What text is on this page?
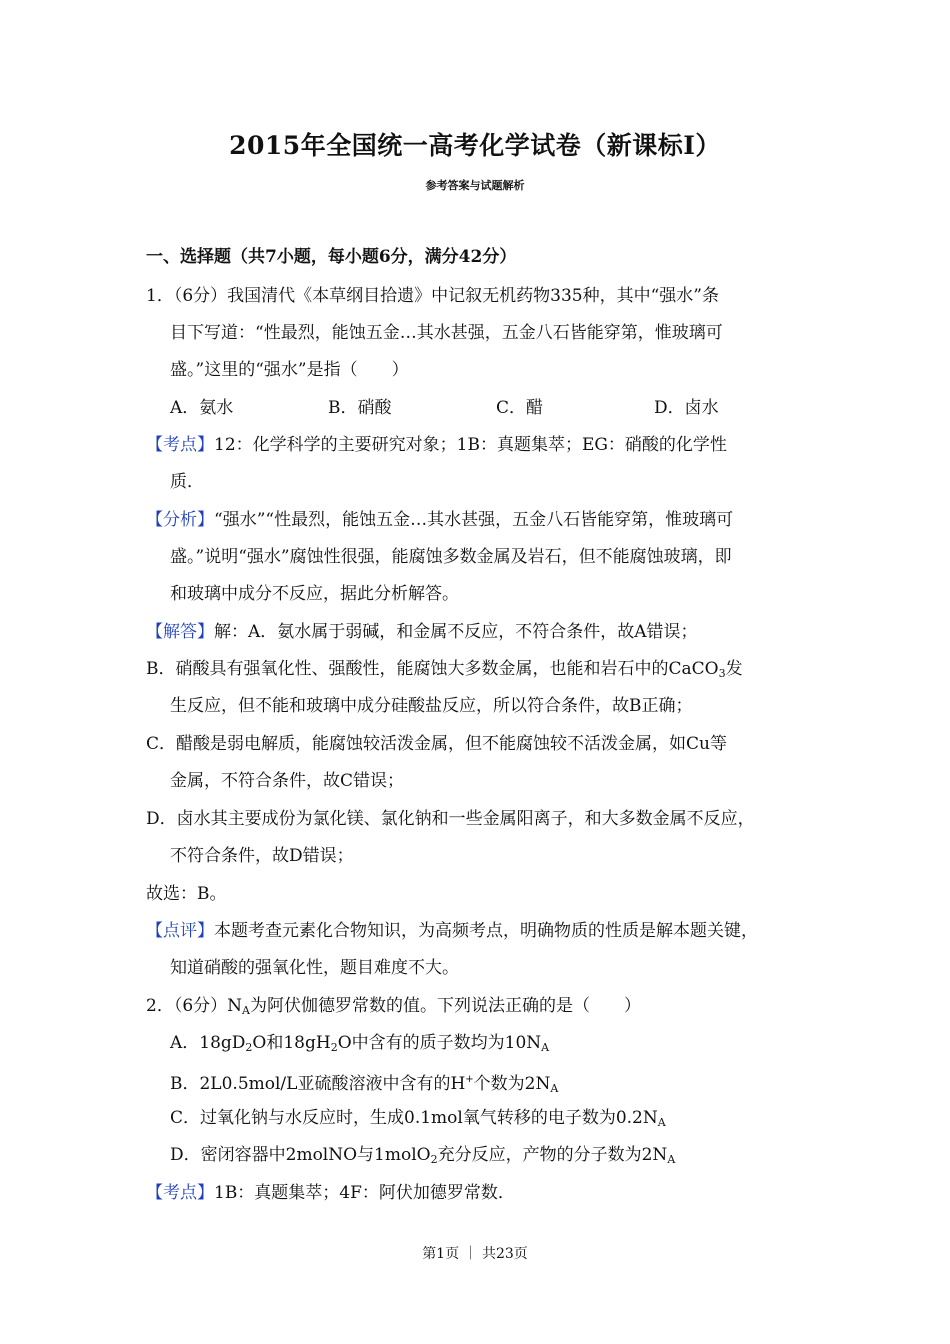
2015年全国统一高考化学试卷（新课标I）
参考答案与试题解析
一、选择题（共7小题，每小题6分，满分42分）
1．（6分）我国清代《本草纲目拾遗》中记叙无机药物335种，其中“强水”条
目下写道：“性最烈，能蚀五金…其水甚强，五金八石皆能穿第，惟玻璃可
盛。”这里的“强水”是指（　　）
A．氨水	B．硝酸	C．醋	D．卤水
【考点】12：化学科学的主要研究对象；1B：真题集萃；EG：硝酸的化学性
质．
【分析】“强水”“性最烈，能蚀五金…其水甚强，五金八石皆能穿第，惟玻璃可
盛。”说明“强水”腐蚀性很强，能腐蚀多数金属及岩石，但不能腐蚀玻璃，即
和玻璃中成分不反应，据此分析解答。
【解答】解：A．氨水属于弱碱，和金属不反应，不符合条件，故A错误；
B．硝酸具有强氧化性、强酸性，能腐蚀大多数金属，也能和岩石中的CaCO$_3$发
生反应，但不能和玻璃中成分硅酸盐反应，所以符合条件，故B正确；
C．醋酸是弱电解质，能腐蚀较活泼金属，但不能腐蚀较不活泼金属，如Cu等
金属，不符合条件，故C错误；
D．卤水其主要成份为氯化镁、氯化钠和一些金属阳离子，和大多数金属不反应，
不符合条件，故D错误；
故选：B。
【点评】本题考查元素化合物知识，为高频考点，明确物质的性质是解本题关键，
知道硝酸的强氧化性，题目难度不大。
2．（6分）$N_A$为阿伏伽德罗常数的值。下列说法正确的是（　　）
A．$18gD_2O$和$18gH_2O$中含有的质子数均为$10N_A$
B．2L0.5mol/L亚硫酸溶液中含有的H+个数为$2N_A$
C．过氧化钠与水反应时，生成0.1mol氧气转移的电子数为$0.2N_A$
D．密闭容器中2molNO与1molO$_2$充分反应，产物的分子数为$2N_A$
【考点】1B：真题集萃；4F：阿伏加德罗常数．
第1页 ｜ 共23页
